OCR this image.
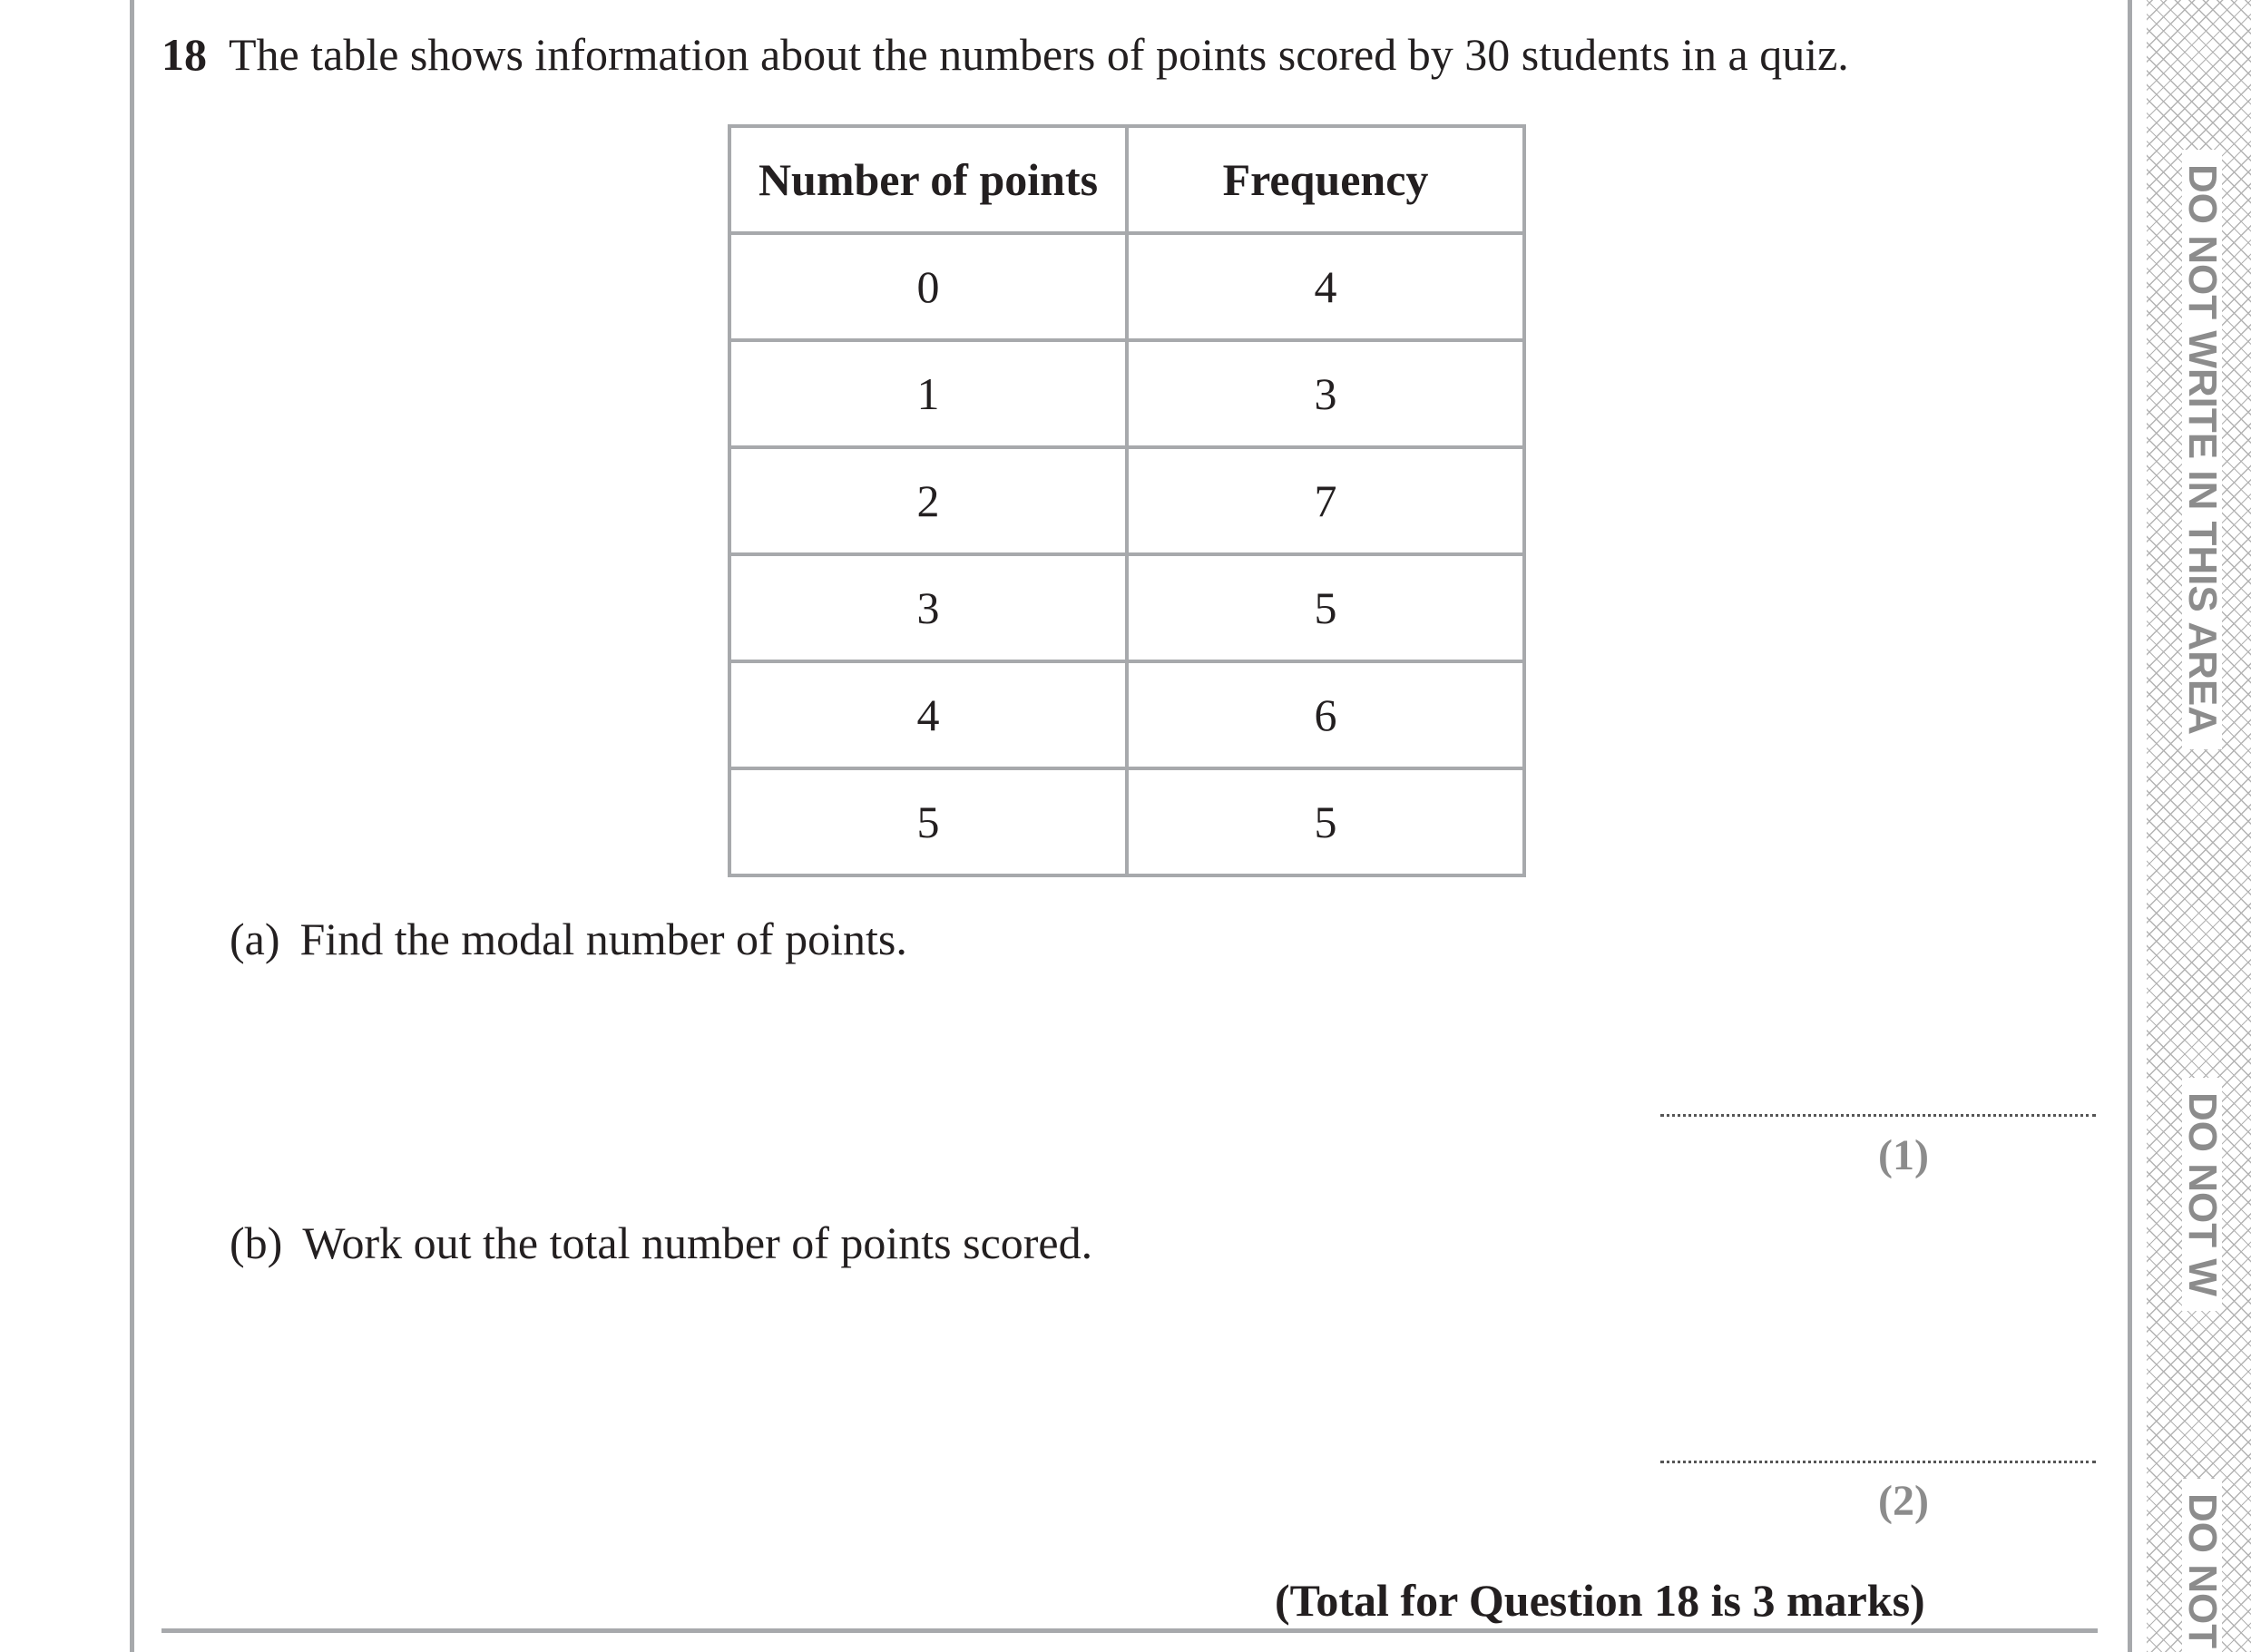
DO NOT WRITE IN THIS AREA
DO NOT W
DO NOT
18 The table shows information about the numbers of points scored by 30 students in a quiz.
Number of points	Frequency
0	4
1	3
2	7
3	5
4	6
5	5
(a) Find the modal number of points.
(1)
(b) Work out the total number of points scored.
(2)
(Total for Question 18 is 3 marks)
